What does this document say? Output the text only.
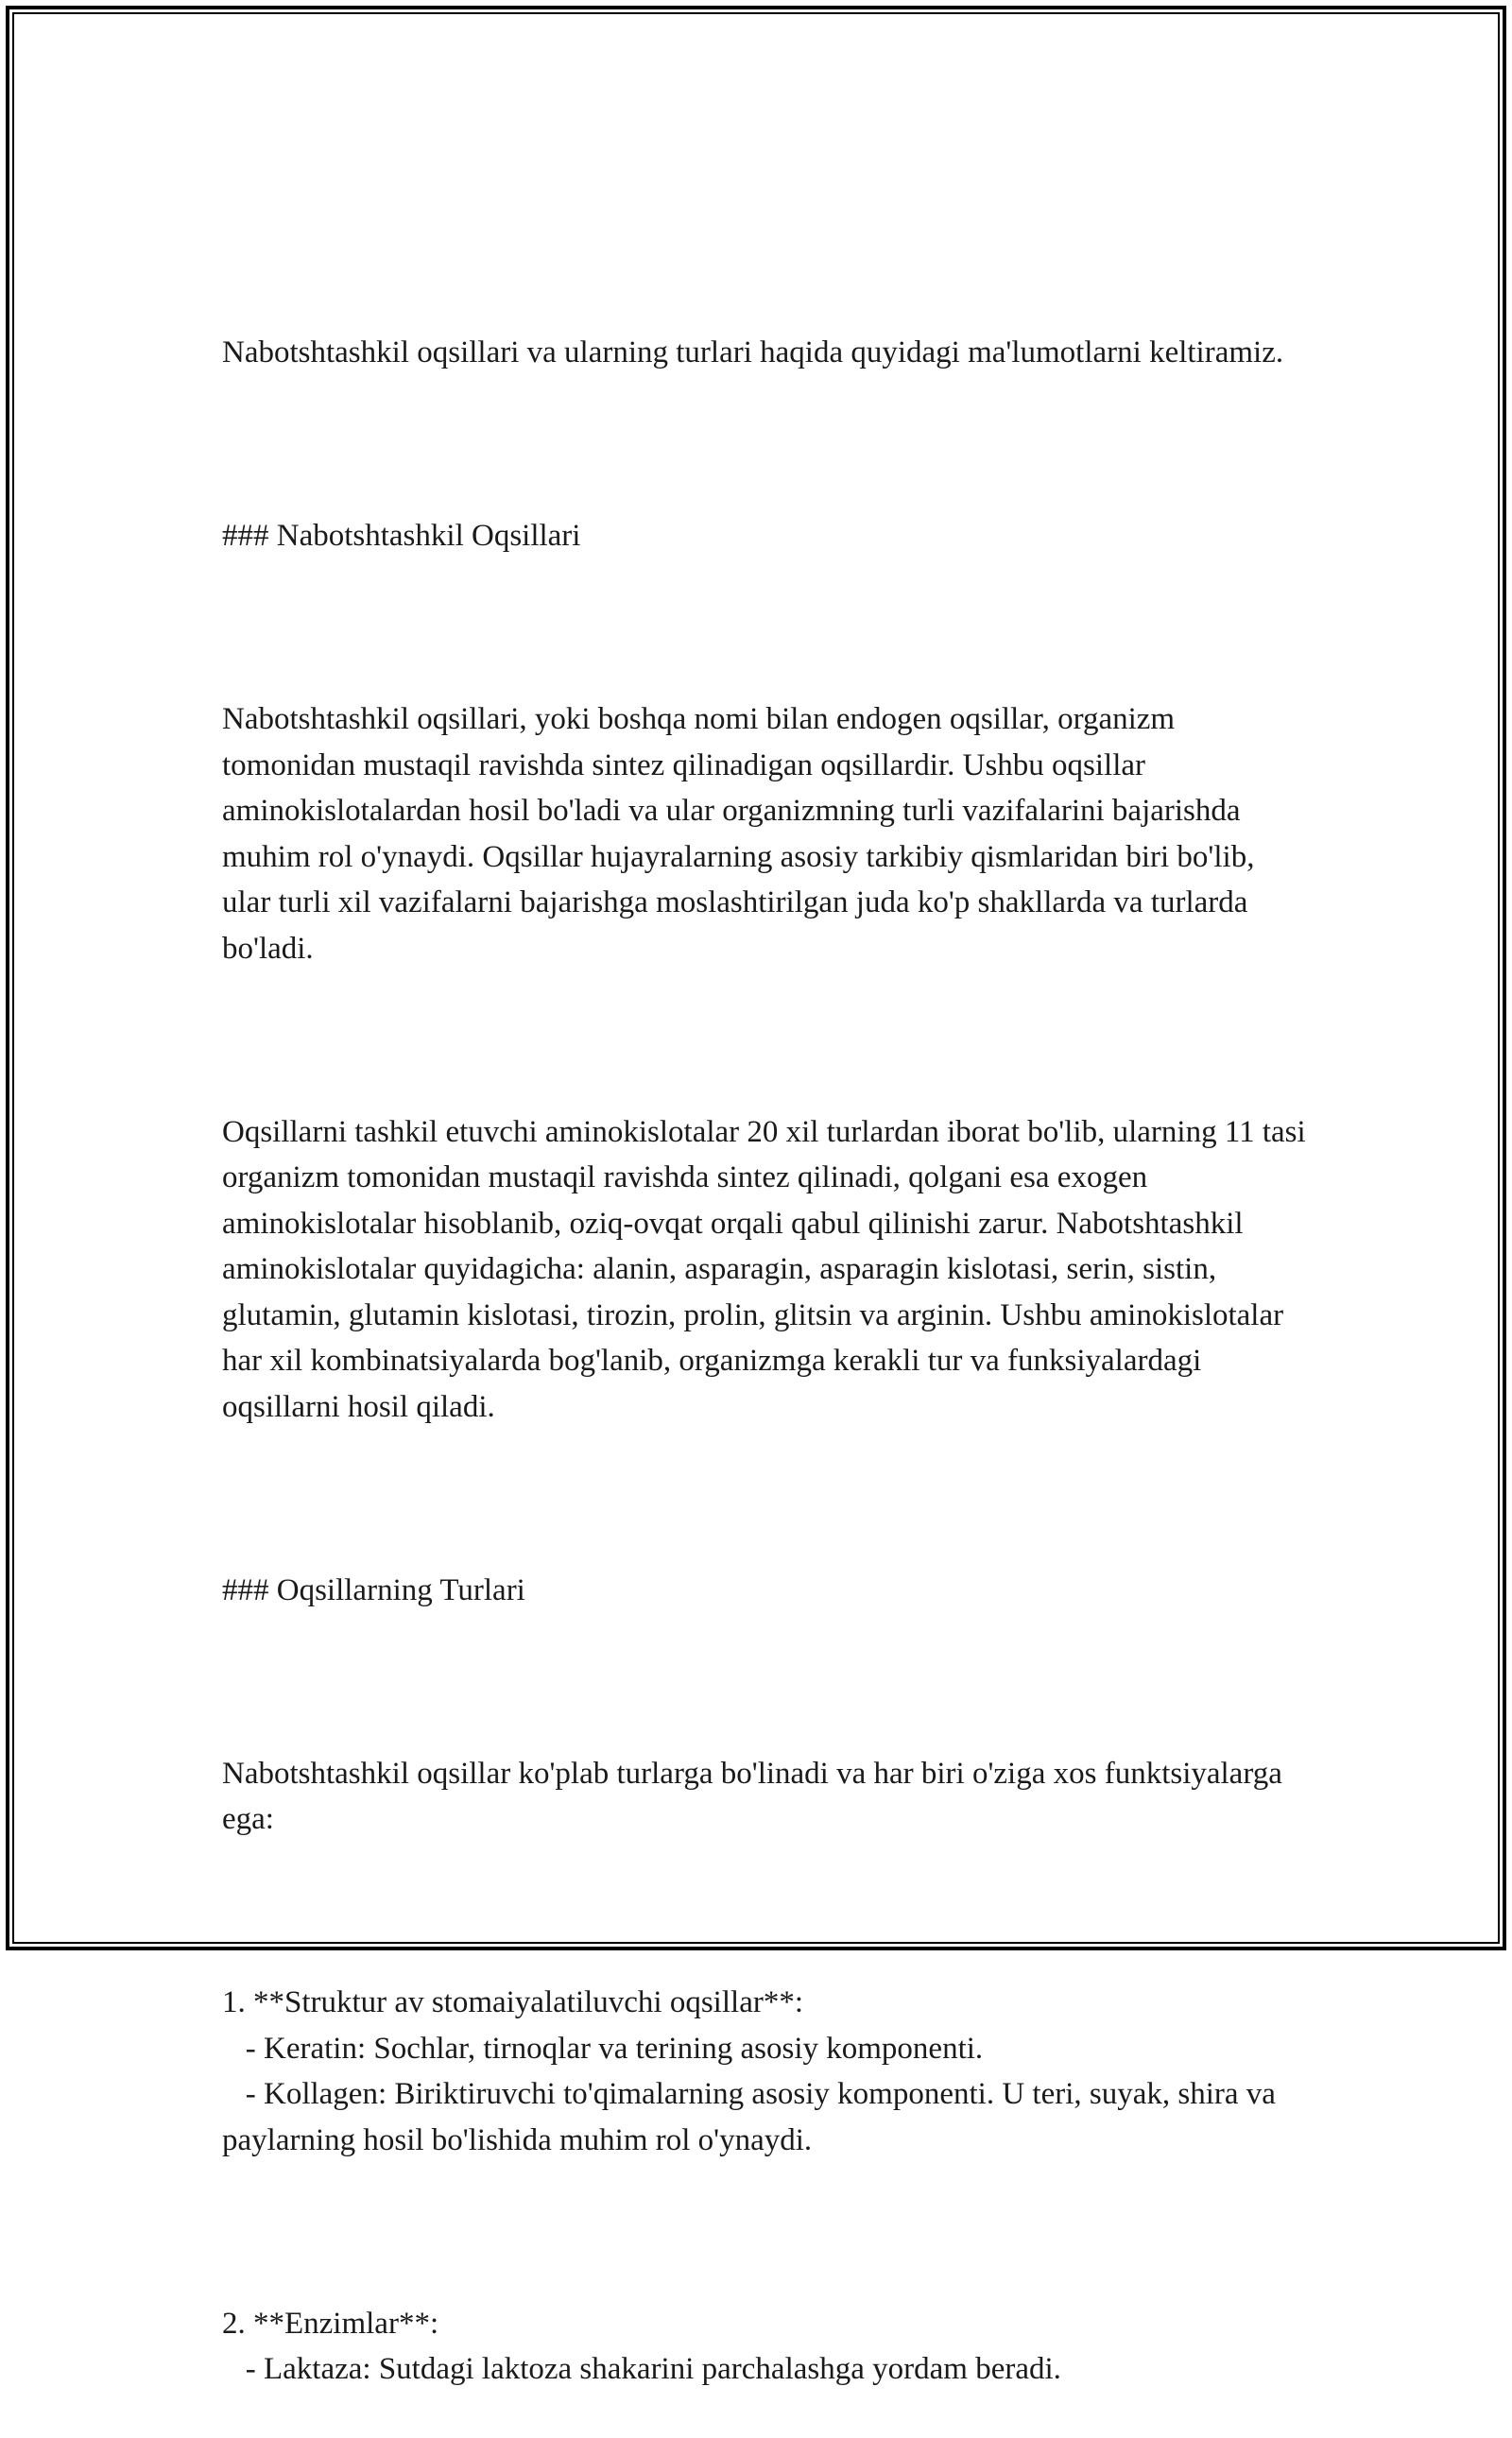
Nabotshtashkil oqsillari va ularning turlari haqida quyidagi ma'lumotlarni keltiramiz.

### Nabotshtashkil Oqsillari

Nabotshtashkil oqsillari, yoki boshqa nomi bilan endogen oqsillar, organizm tomonidan mustaqil ravishda sintez qilinadigan oqsillardir. Ushbu oqsillar aminokislotalardan hosil bo'ladi va ular organizmning turli vazifalarini bajarishda muhim rol o'ynaydi. Oqsillar hujayralarning asosiy tarkibiy qismlaridan biri bo'lib, ular turli xil vazifalarni bajarishga moslashtirilgan juda ko'p shakllarda va turlarda bo'ladi.

Oqsillarni tashkil etuvchi aminokislotalar 20 xil turlardan iborat bo'lib, ularning 11 tasi organizm tomonidan mustaqil ravishda sintez qilinadi, qolgani esa exogen aminokislotalar hisoblanib, oziq-ovqat orqali qabul qilinishi zarur. Nabotshtashkil aminokislotalar quyidagicha: alanin, asparagin, asparagin kislotasi, serin, sistin, glutamin, glutamin kislotasi, tirozin, prolin, glitsin va arginin. Ushbu aminokislotalar har xil kombinatsiyalarda bog'lanib, organizmga kerakli tur va funksiyalardagi oqsillarni hosil qiladi.

### Oqsillarning Turlari

Nabotshtashkil oqsillar ko'plab turlarga bo'linadi va har biri o'ziga xos funktsiyalarga ega:

1. **Struktur av stomaiyalatiluvchi oqsillar**:
- Keratin: Sochlar, tirnoqlar va terining asosiy komponenti.
- Kollagen: Biriktiruvchi to'qimalarning asosiy komponenti. U teri, suyak, shira va paylarning hosil bo'lishida muhim rol o'ynaydi.

2. **Enzimlar**:
- Laktaza: Sutdagi laktoza shakarini parchalashga yordam beradi.
